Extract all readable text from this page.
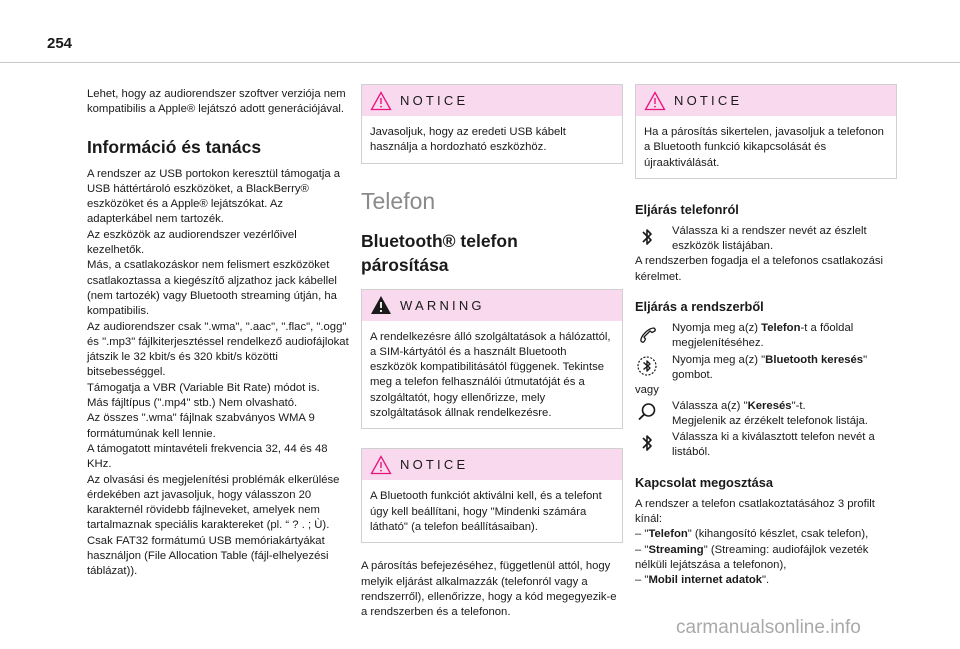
254

Lehet, hogy az audiorendszer szoftver verziója nem kompatibilis a Apple® lejátszó adott generációjával.

Információ és tanács

A rendszer az USB portokon keresztül támogatja a USB háttértároló eszközöket, a BlackBerry® eszközöket és a Apple® lejátszókat. Az adapterkábel nem tartozék.

Az eszközök az audiorendszer vezérlőivel kezelhetők.

Más, a csatlakozáskor nem felismert eszközöket csatlakoztassa a kiegészítő aljzathoz jack kábellel (nem tartozék) vagy Bluetooth streaming útján, ha kompatibilis.

Az audiorendszer csak ".wma", ".aac", ".flac", ".ogg" és ".mp3" fájlkiterjesztéssel rendelkező audiofájlokat játszik le 32 kbit/s és 320 kbit/s közötti bitsebességgel.

Támogatja a VBR (Variable Bit Rate) módot is.

Más fájltípus (".mp4" stb.) Nem olvasható.

Az összes ".wma" fájlnak szabványos WMA 9 formátumúnak kell lennie.

A támogatott mintavételi frekvencia 32, 44 és 48 KHz.

Az olvasási és megjelenítési problémák elkerülése érdekében azt javasoljuk, hogy válasszon 20 karakternél rövidebb fájlneveket, amelyek nem tartalmaznak speciális karaktereket (pl. “ ? . ; Ù).

Csak FAT32 formátumú USB memóriakártyákat használjon (File Allocation Table (fájl-elhelyezési táblázat)).

NOTICE

Javasoljuk, hogy az eredeti USB kábelt használja a hordozható eszközhöz.

Telefon
Bluetooth® telefon
párosítása
WARNING

A rendelkezésre álló szolgáltatások a hálózattól, a SIM-kártyától és a használt Bluetooth eszközök kompatibilitásától függenek. Tekintse meg a telefon felhasználói útmutatóját és a szolgáltatót, hogy ellenőrizze, mely szolgáltatások állnak rendelkezésre.

NOTICE

A Bluetooth funkciót aktiválni kell, és a telefont úgy kell beállítani, hogy "Mindenki számára látható" (a telefon beállításaiban).

A párosítás befejezéséhez, függetlenül attól, hogy melyik eljárást alkalmazzák (telefonról vagy a rendszerről), ellenőrizze, hogy a kód megegyezik-e a rendszerben és a telefonon.

NOTICE

Ha a párosítás sikertelen, javasoljuk a telefonon a Bluetooth funkció kikapcsolását és újraaktiválását.

Eljárás telefonról

Válassza ki a rendszer nevét az észlelt eszközök listájában.

A rendszerben fogadja el a telefonos csatlakozási kérelmet.

Eljárás a rendszerből

Nyomja meg a(z) Telefon-t a főoldal megjelenítéséhez.

Nyomja meg a(z) "Bluetooth keresés" gombot.

vagy

Válassza a(z) "Keresés"-t.

Megjelenik az érzékelt telefonok listája.

Válassza ki a kiválasztott telefon nevét a listából.

Kapcsolat megosztása

A rendszer a telefon csatlakoztatásához 3 profilt kínál:

– "Telefon" (kihangosító készlet, csak telefon),

– "Streaming" (Streaming: audiofájlok vezeték nélküli lejátszása a telefonon),

– "Mobil internet adatok".

carmanualsonline.info
